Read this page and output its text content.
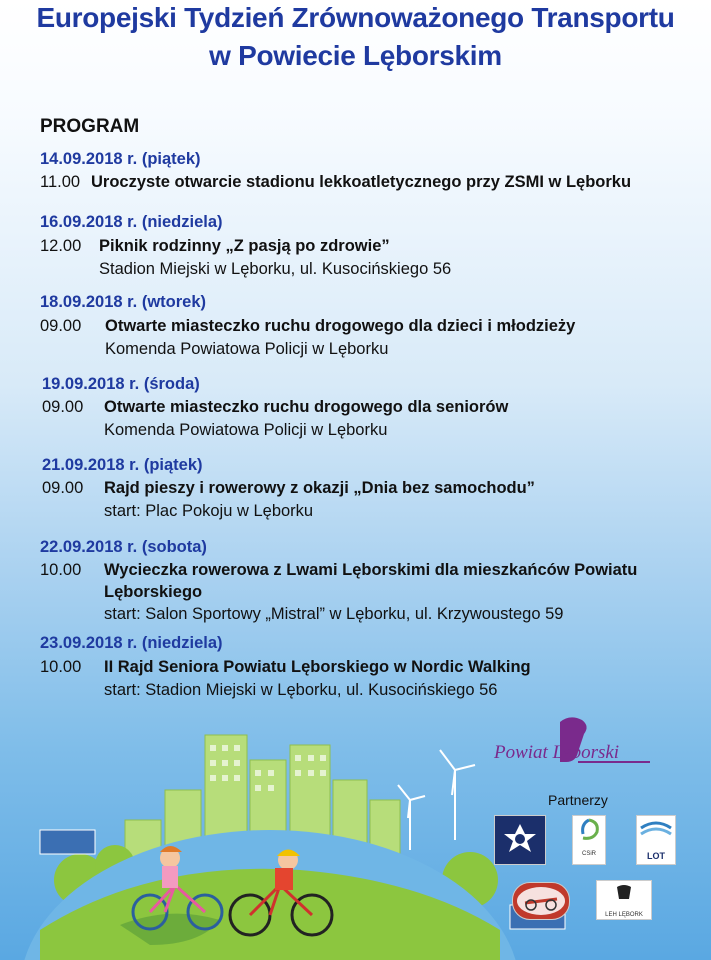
Europejski Tydzień Zrównoważonego Transportu
w Powiecie Lęborskim
PROGRAM
14.09.2018 r. (piątek)
11.00 Uroczyste otwarcie stadionu lekkoatletycznego przy ZSMI w Lęborku
16.09.2018 r. (niedziela)
12.00 Piknik rodzinny „Z pasją po zdrowie”
Stadion Miejski w Lęborku, ul. Kusocińskiego 56
18.09.2018 r. (wtorek)
09.00 Otwarte miasteczko ruchu drogowego dla dzieci i młodzieży
Komenda Powiatowa Policji w Lęborku
19.09.2018 r. (środa)
09.00 Otwarte miasteczko ruchu drogowego dla seniorów
Komenda Powiatowa Policji w Lęborku
21.09.2018 r. (piątek)
09.00 Rajd pieszy i rowerowy z okazji „Dnia bez samochodu”
start: Plac Pokoju w Lęborku
22.09.2018 r. (sobota)
10.00 Wycieczka rowerowa z Lwami Lęborskimi dla mieszkańców Powiatu
Lęborskiego
start: Salon Sportowy „Mistral” w Lęborku, ul. Krzywoustego 59
23.09.2018 r. (niedziela)
10.00 II Rajd Seniora Powiatu Lęborskiego w Nordic Walking
start: Stadion Miejski w Lęborku, ul. Kusocińskiego 56
Powiat Lęborski
Partnerzy
CSiR	LOT
LEH LĘBORK
